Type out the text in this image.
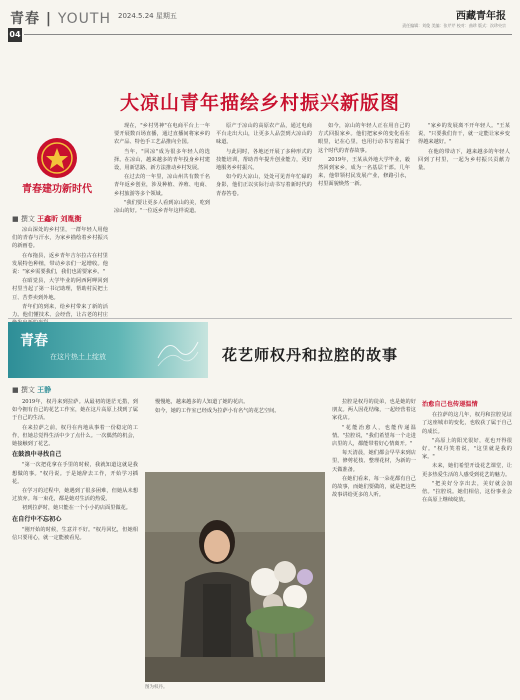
青春 | YOUTH 2024.5.24 星期五	西藏青年报
责任编辑：刘俊 美编：张芹芹 校对：曲珍 版式：次珍央宗
04
大凉山青年描绘乡村振兴新版图
青春建功新时代
■ 撰文 王鑫昕 刘胤衡

凉山深处的乡村里，一群年轻人用他们的青春与汗水，为家乡描绘着乡村振兴的新画卷。

在布拖县，返乡青年吉尔拉古在村里发展特色种植，带动乡亲们一起增收。他说："家乡需要我们，我们也需要家乡。"

在昭觉县，大学毕业的阿西阿呷回到村里当起了第一书记助理，帮助村民把土豆、苦荞卖到外地。

青年们的到来，给乡村带来了新的活力。他们懂技术、会经营，让古老的村庄

现在，"乡村男神"在电商平台上一年要开展数百场直播，通过直播间将家乡的农产品、特色手工艺品推向全国。

当年，"回凉"成为很多年轻人的选择。在凉山，越来越多的青年投身乡村建设，用新思路、新方法推动乡村发展。

在过去的一年里，凉山州共有数千名青年返乡创业，涉及种植、养殖、电商、乡村旅游等多个领域。

"我们要让更多人看到凉山的美，吃到凉山的好。"一位返乡青年这样说道。

原产于凉山的高原农产品，通过电商平台走出大山，让更多人品尝到大凉山的味道。

与此同时，各地还开展了多种形式的技能培训，帮助青年提升创业能力，更好地服务乡村振兴。

如今的大凉山，处处可见青年忙碌的身影，他们正以实际行动书写着新时代的青春答卷。

如今，凉山的年轻人正在用自己的方式回报家乡。他们把家乡的变化看在眼里，记在心里，也用行动书写着属于这个时代的青春故事。

2019年，王某从外地大学毕业，毅然回到家乡，成为一名基层干部。几年来，他带领村民发展产业，修路引水，村里面貌焕然一新。

"家乡的发展离不开年轻人。"王某说，"只要我们肯干，就一定能让家乡变得越来越好。"

在他的带动下，越来越多的年轻人回到了村里，一起为乡村振兴贡献力量。

青春
在这片热土上绽放	花艺师权丹和拉腔的故事
■ 撰文 王静

2019年，权丹来到拉萨。从最初的迷茫无措，到如今拥有自己的花艺工作室，她在这片高原上找到了属于自己的生活。

在来拉萨之前，权丹在内地从事着一份稳定的工作，但她总觉得生活中少了点什么。一次偶然的机会，她接触到了花艺。

在鼓浪中寻找自己

"第一次把花拿在手里的时候，我就知道这就是我想做的事。"权丹说。于是她辞去工作，开始学习插花。

在学习的过程中，她遇到了很多困难，但她从未想过放弃。每一束花，都是她对生活的热爱。

初到拉萨时，她只能在一个小小的店面里做花。

在自行中不忘初心

"刚开始的时候，生意并不好。"权丹回忆，但她相信只要用心，就一定能被看见。

慢慢地，越来越多的人知道了她的花店。

如今，她的工作室已经成为拉萨小有名气的花艺空间。

图为权丹。

拉腔是权丹的徒弟，也是她的好朋友。两人因花结缘，一起经营着这家花店。

"花能治愈人，也能传递温情。"拉腔说，"我们希望每一个走进店里的人，都能带着好心情离开。"

每天清晨，她们都会早早来到店里，修剪花枝、整理花材，为新的一天做准备。

在她们看来，每一朵花都有自己的故事，而她们要做的，就是把这些故事讲给更多的人听。

治愈自己也传递温情

在拉萨的这几年，权丹和拉腔见证了这座城市的变化，也收获了属于自己的成长。

"高原上的阳光很好，花也开得很好。"权丹笑着说，"这里就是我的家。"

未来，她们希望开设花艺课堂，让更多热爱生活的人感受到花艺的魅力。

"把美好分享出去，美好就会加倍。"拉腔说。她们相信，这份事业会在高原上继续绽放。
